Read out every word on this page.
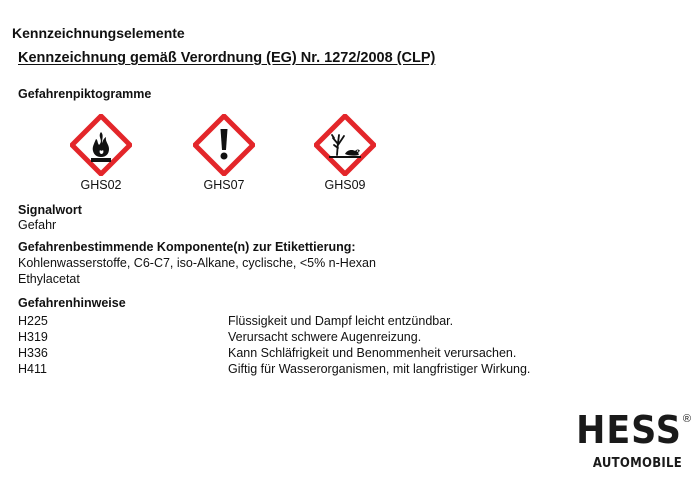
Kennzeichnungselemente
Kennzeichnung gemäß Verordnung (EG) Nr. 1272/2008 (CLP)
Gefahrenpiktogramme
GHS02	GHS07	GHS09
Signalwort
Gefahr
Gefahrenbestimmende Komponente(n) zur Etikettierung:
Kohlenwasserstoffe, C6-C7, iso-Alkane, cyclische, <5% n-Hexan
Ethylacetat
Gefahrenhinweise
H225	Flüssigkeit und Dampf leicht entzündbar.
H319	Verursacht schwere Augenreizung.
H336	Kann Schläfrigkeit und Benommenheit verursachen.
H411	Giftig für Wasserorganismen, mit langfristiger Wirkung.
HESS ®
AUTOMOBILE
